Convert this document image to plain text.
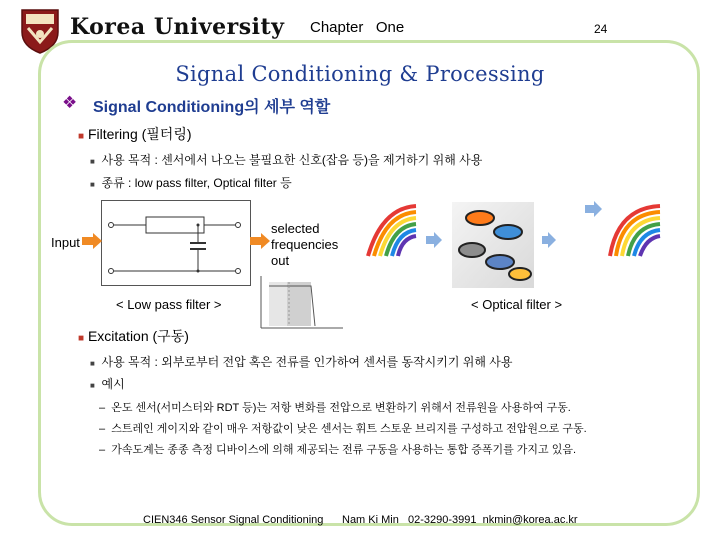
Korea University Chapter   One	24
Signal Conditioning & Processing
❖ Signal Conditioning의 세부 역할
■ Filtering (필터링)
■ 사용 목적 : 센서에서 나오는 불필요한 신호(잡음 등)을 제거하기 위해 사용
■ 종류 : low pass filter, Optical filter 등
Input
selected
frequencies
out
< Low pass filter >	< Optical filter >
■ Excitation (구동)
■ 사용 목적 : 외부로부터 전압 혹은 전류를 인가하여 센서를 동작시키기 위해 사용
■ 예시
– 온도 센서(서미스터와 RDT 등)는 저항 변화를 전압으로 변환하기 위해서 전류원을 사용하여 구동.
– 스트레인 게이지와 같이 매우 저항값이 낮은 센서는 휘트 스토운 브리지를 구성하고 전압원으로 구동.
– 가속도계는 종종 측정 디바이스에 의해 제공되는 전류 구동을 사용하는 통합 증폭기를 가지고 있음.
CIEN346 Sensor Signal Conditioning Nam Ki Min   02-3290-3991  nkmin@korea.ac.kr
